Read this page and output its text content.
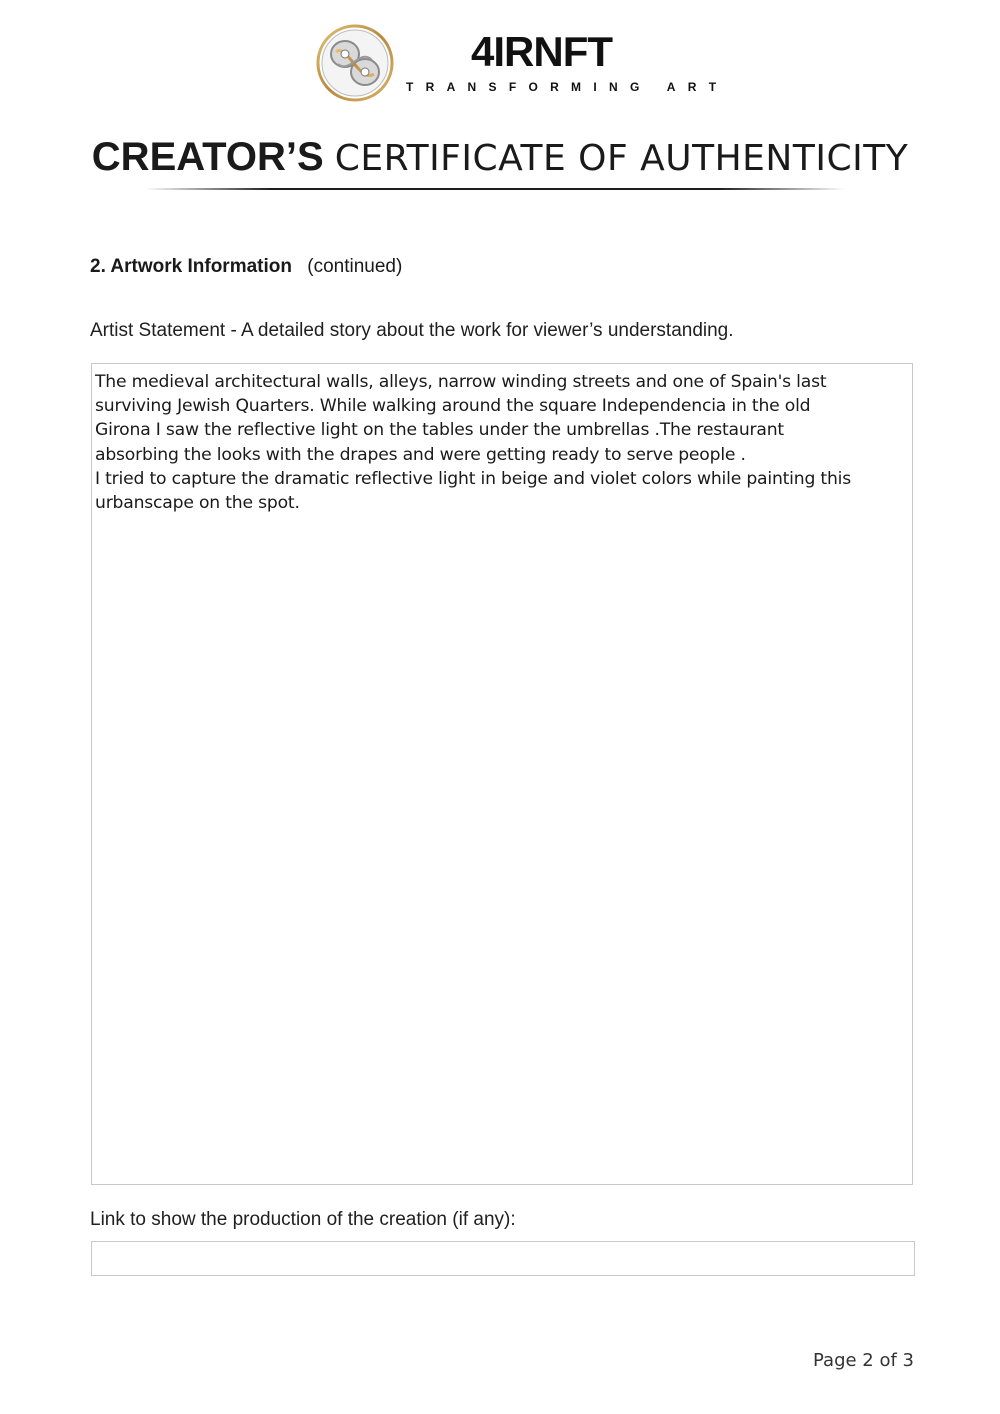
4IRNFT
TRANSFORMING ART
CREATOR’S CERTIFICATE OF AUTHENTICITY
2. Artwork Information (continued)
Artist Statement - A detailed story about the work for viewer’s understanding.
The medieval architectural walls, alleys, narrow winding streets and one of Spain's last
surviving Jewish Quarters. While walking around the square Independencia in the old
Girona I saw the reflective light on the tables under the umbrellas .The restaurant
absorbing the looks with the drapes and were getting ready to serve people .
I tried to capture the dramatic reflective light in beige and violet colors while painting this
urbanscape on the spot.
Link to show the production of the creation (if any):
Page 2 of 3
